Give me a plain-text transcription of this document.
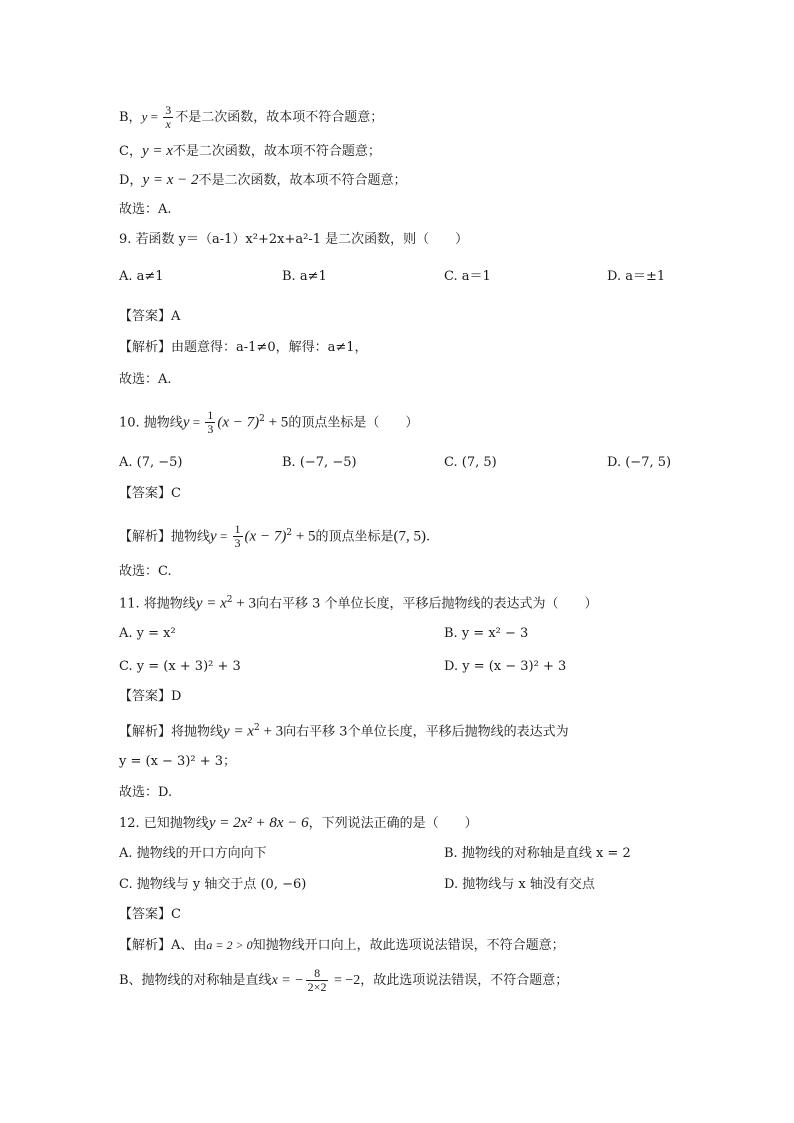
B，$y = \frac{3}{x}$ 不是二次函数，故本项不符合题意；
C，y = x不是二次函数，故本项不符合题意；
D，y = x − 2不是二次函数，故本项不符合题意；
故选：A.
9. 若函数 y＝（a-1）x²+2x+a²-1 是二次函数，则（　　）
A. a≠1	B. a≠1	C. a＝1	D. a＝±1
【答案】A
【解析】由题意得：a-1≠0，解得：a≠1，
故选：A.
10. 抛物线$y = \frac{1}{3} (x - 7)^2 + 5$的顶点坐标是（　　）
A. (7, −5)	B. (−7, −5)	C. (7, 5)	D. (−7, 5)
【答案】C
【解析】抛物线$y = \frac{1}{3} (x - 7)^2 + 5$的顶点坐标是(7, 5).
故选：C.
11. 将抛物线$y = x^2 + 3$向右平移 3 个单位长度，平移后抛物线的表达式为（　　）
A. y = x²	B. y = x² − 3
C. y = (x + 3)² + 3	D. y = (x − 3)² + 3
【答案】D
【解析】将抛物线$y = x^2 + 3$向右平移 3个单位长度，平移后抛物线的表达式为
y = (x − 3)² + 3；
故选：D.
12. 已知抛物线y = 2x² + 8x − 6，下列说法正确的是（　　）
A. 抛物线的开口方向向下	B. 抛物线的对称轴是直线 x = 2
C. 抛物线与 y 轴交于点 (0, −6)	D. 抛物线与 x 轴没有交点
【答案】C
【解析】A、由a = 2 > 0知抛物线开口向上，故此选项说法错误，不符合题意；
B、抛物线的对称轴是直线x = − $\frac{8}{2\times 2} = -2$，故此选项说法错误，不符合题意；
